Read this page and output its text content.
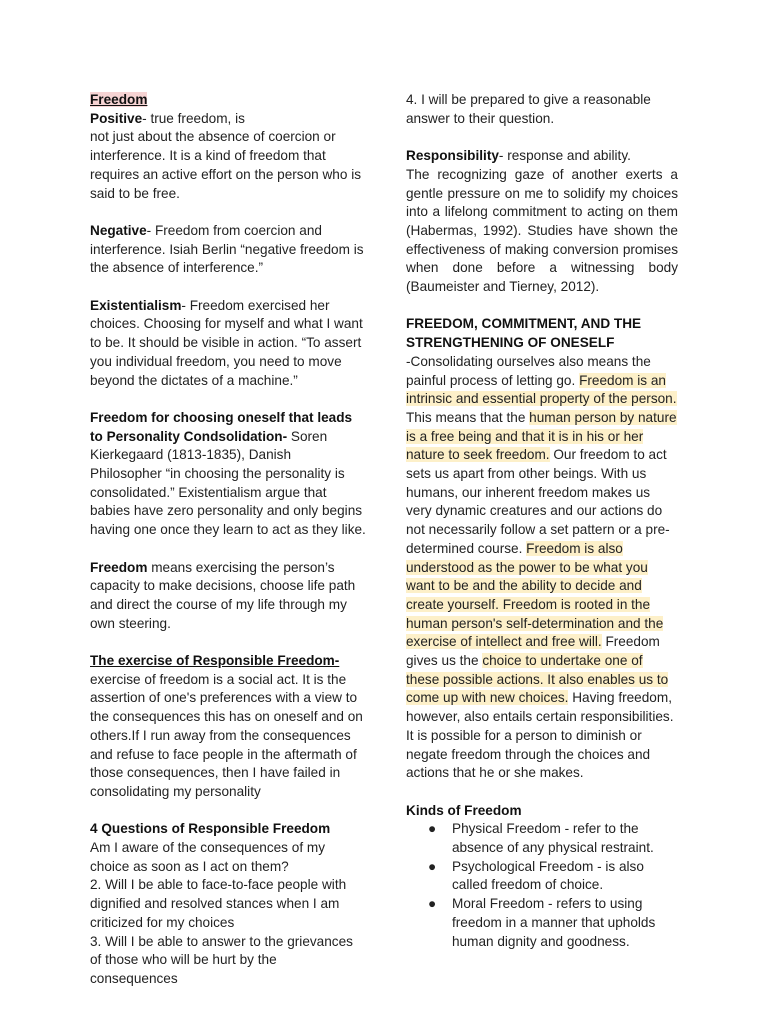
Freedom

Positive- true freedom, is
not just about the absence of coercion or interference. It is a kind of freedom that requires an active effort on the person who is said to be free.

Negative- Freedom from coercion and interference. Isiah Berlin “negative freedom is the absence of interference.”

Existentialism- Freedom exercised her choices. Choosing for myself and what I want to be. It should be visible in action. “To assert you individual freedom, you need to move beyond the dictates of a machine.”

Freedom for choosing oneself that leads to Personality Condsolidation- Soren Kierkegaard (1813-1835), Danish Philosopher “in choosing the personality is consolidated.” Existentialism argue that babies have zero personality and only begins having one once they learn to act as they like.

Freedom means exercising the person’s capacity to make decisions, choose life path and direct the course of my life through my own steering.

The exercise of Responsible Freedom-
exercise of freedom is a social act. It is the assertion of one's preferences with a view to the consequences this has on oneself and on others.If I run away from the consequences and refuse to face people in the aftermath of those consequences, then I have failed in consolidating my personality

4 Questions of Responsible Freedom

Am I aware of the consequences of my choice as soon as I act on them?

2. Will I be able to face-to-face people with dignified and resolved stances when I am criticized for my choices

3. Will I be able to answer to the grievances of those who will be hurt by the consequences

4. I will be prepared to give a reasonable answer to their question.

Responsibility- response and ability.

The recognizing gaze of another exerts a gentle pressure on me to solidify my choices into a lifelong commitment to acting on them (Habermas, 1992). Studies have shown the effectiveness of making conversion promises when done before a witnessing body (Baumeister and Tierney, 2012).

FREEDOM, COMMITMENT, AND THE STRENGTHENING OF ONESELF

-Consolidating ourselves also means the painful process of letting go. Freedom is an intrinsic and essential property of the person. This means that the human person by nature is a free being and that it is in his or her nature to seek freedom. Our freedom to act sets us apart from other beings. With us humans, our inherent freedom makes us very dynamic creatures and our actions do not necessarily follow a set pattern or a pre-determined course. Freedom is also understood as the power to be what you want to be and the ability to decide and create yourself. Freedom is rooted in the human person's self-determination and the exercise of intellect and free will. Freedom gives us the choice to undertake one of these possible actions. It also enables us to come up with new choices. Having freedom, however, also entails certain responsibilities. It is possible for a person to diminish or negate freedom through the choices and actions that he or she makes.

Kinds of Freedom

● Physical Freedom - refer to the absence of any physical restraint.
● Psychological Freedom - is also called freedom of choice.
● Moral Freedom - refers to using freedom in a manner that upholds human dignity and goodness.
